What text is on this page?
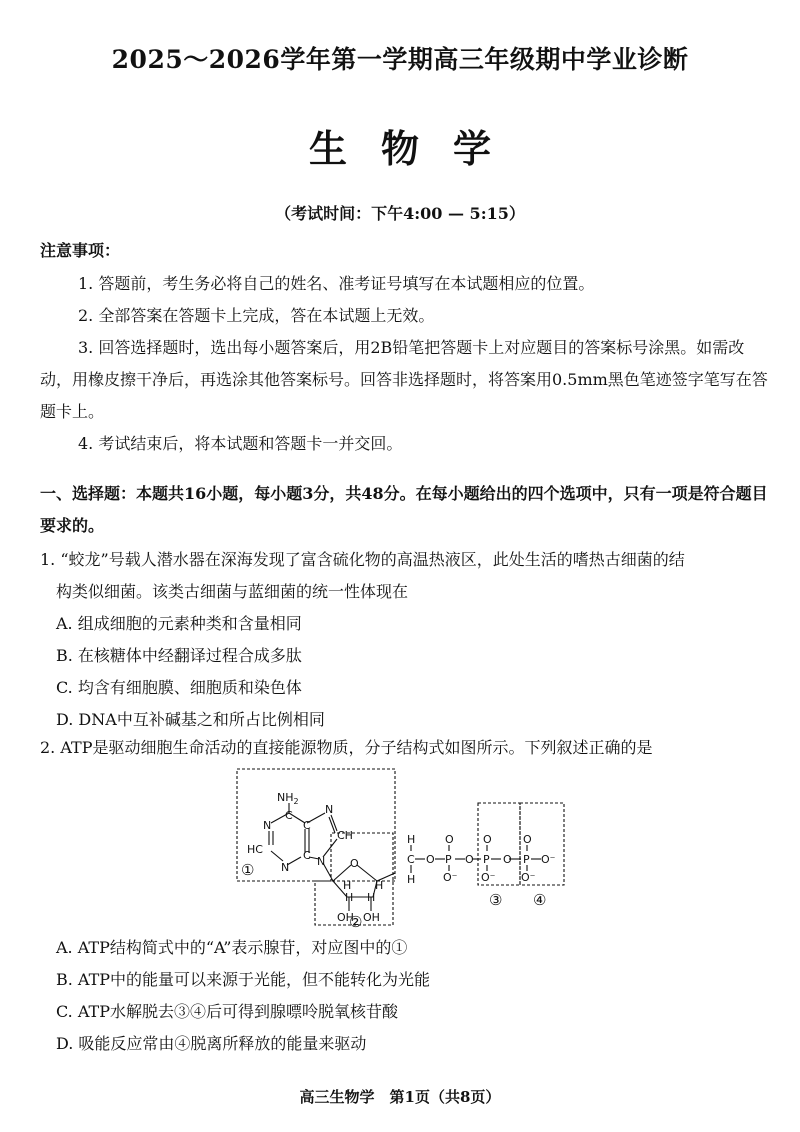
2025～2026学年第一学期高三年级期中学业诊断
生物学
（考试时间：下午4:00 — 5:15）
注意事项：

1. 答题前，考生务必将自己的姓名、准考证号填写在本试题相应的位置。

2. 全部答案在答题卡上完成，答在本试题上无效。

3. 回答选择题时，选出每小题答案后，用2B铅笔把答题卡上对应题目的答案标号涂黑。如需改动，用橡皮擦干净后，再选涂其他答案标号。回答非选择题时，将答案用0.5mm黑色笔迹签字笔写在答题卡上。

4. 考试结束后，将本试题和答题卡一并交回。

一、选择题：本题共16小题，每小题3分，共48分。在每小题给出的四个选项中，只有一项是符合题目要求的。
1. “蛟龙”号载人潜水器在深海发现了富含硫化物的高温热液区，此处生活的嗜热古细菌的结
构类似细菌。该类古细菌与蓝细菌的统一性体现在
A. 组成细胞的元素种类和含量相同
B. 在核糖体中经翻译过程合成多肽
C. 均含有细胞膜、细胞质和染色体
D. DNA中互补碱基之和所占比例相同
2. ATP是驱动细胞生命活动的直接能源物质，分子结构式如图所示。下列叙述正确的是
$NH_2$
C
N	C
N
CH
HC	C
N	N O
H H
H H
OH OH
H
C
H
O
O
P
O⁻
O
O
P
O⁻
O
O
P O⁻
O⁻
①
②
③ ④
A. ATP结构简式中的“A”表示腺苷，对应图中的①
B. ATP中的能量可以来源于光能，但不能转化为光能
C. ATP水解脱去③④后可得到腺嘌呤脱氧核苷酸
D. 吸能反应常由④脱离所释放的能量来驱动
高三生物学　第1页（共8页）
